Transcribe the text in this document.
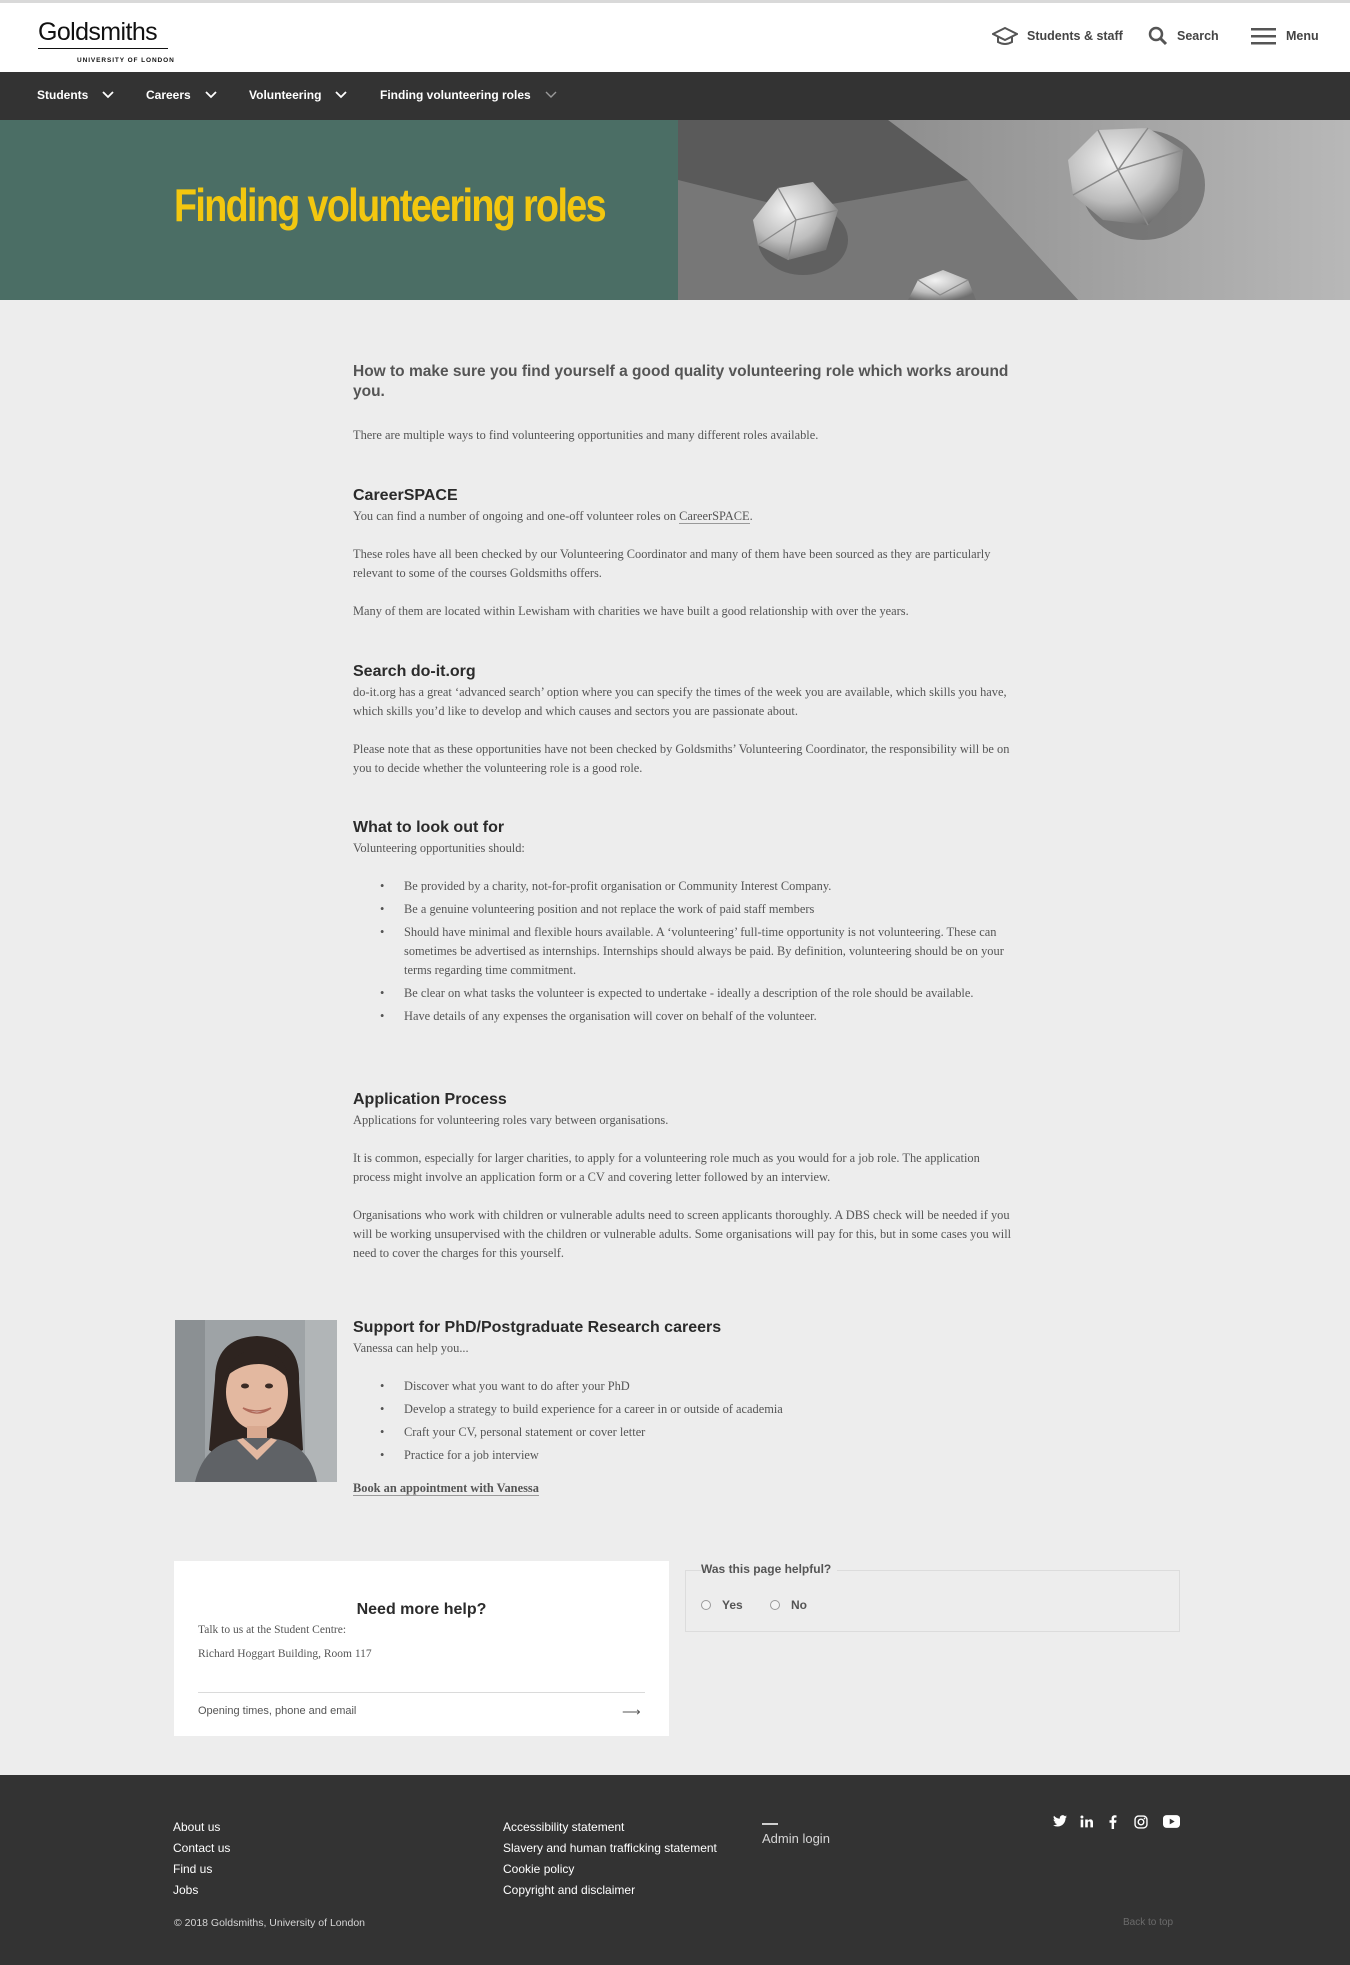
Goldsmiths
UNIVERSITY OF LONDON
Students & staff	Search	Menu
Students	Careers	Volunteering	Finding volunteering roles
Finding volunteering roles
How to make sure you find yourself a good quality volunteering role which works around you.
There are multiple ways to find volunteering opportunities and many different roles available.
CareerSPACE
You can find a number of ongoing and one-off volunteer roles on CareerSPACE.
These roles have all been checked by our Volunteering Coordinator and many of them have been sourced as they are particularly relevant to some of the courses Goldsmiths offers.
Many of them are located within Lewisham with charities we have built a good relationship with over the years.
Search do-it.org
do-it.org has a great ‘advanced search’ option where you can specify the times of the week you are available, which skills you have, which skills you’d like to develop and which causes and sectors you are passionate about.
Please note that as these opportunities have not been checked by Goldsmiths’ Volunteering Coordinator, the responsibility will be on you to decide whether the volunteering role is a good role.
What to look out for
Volunteering opportunities should:
• Be provided by a charity, not-for-profit organisation or Community Interest Company.
• Be a genuine volunteering position and not replace the work of paid staff members
• Should have minimal and flexible hours available. A ‘volunteering’ full-time opportunity is not volunteering. These can sometimes be advertised as internships. Internships should always be paid. By definition, volunteering should be on your terms regarding time commitment.
• Be clear on what tasks the volunteer is expected to undertake - ideally a description of the role should be available.
• Have details of any expenses the organisation will cover on behalf of the volunteer.
Application Process
Applications for volunteering roles vary between organisations.
It is common, especially for larger charities, to apply for a volunteering role much as you would for a job role. The application process might involve an application form or a CV and covering letter followed by an interview.
Organisations who work with children or vulnerable adults need to screen applicants thoroughly. A DBS check will be needed if you will be working unsupervised with the children or vulnerable adults. Some organisations will pay for this, but in some cases you will need to cover the charges for this yourself.
Support for PhD/Postgraduate Research careers
Vanessa can help you...
• Discover what you want to do after your PhD
• Develop a strategy to build experience for a career in or outside of academia
• Craft your CV, personal statement or cover letter
• Practice for a job interview
Book an appointment with Vanessa
Need more help?
Talk to us at the Student Centre:
Richard Hoggart Building, Room 117
Opening times, phone and email	⟶
Was this page helpful?
Yes	No
About us
Contact us
Find us
Jobs
Accessibility statement
Slavery and human trafficking statement
Cookie policy
Copyright and disclaimer
Admin login
© 2018 Goldsmiths, University of London	Back to top
